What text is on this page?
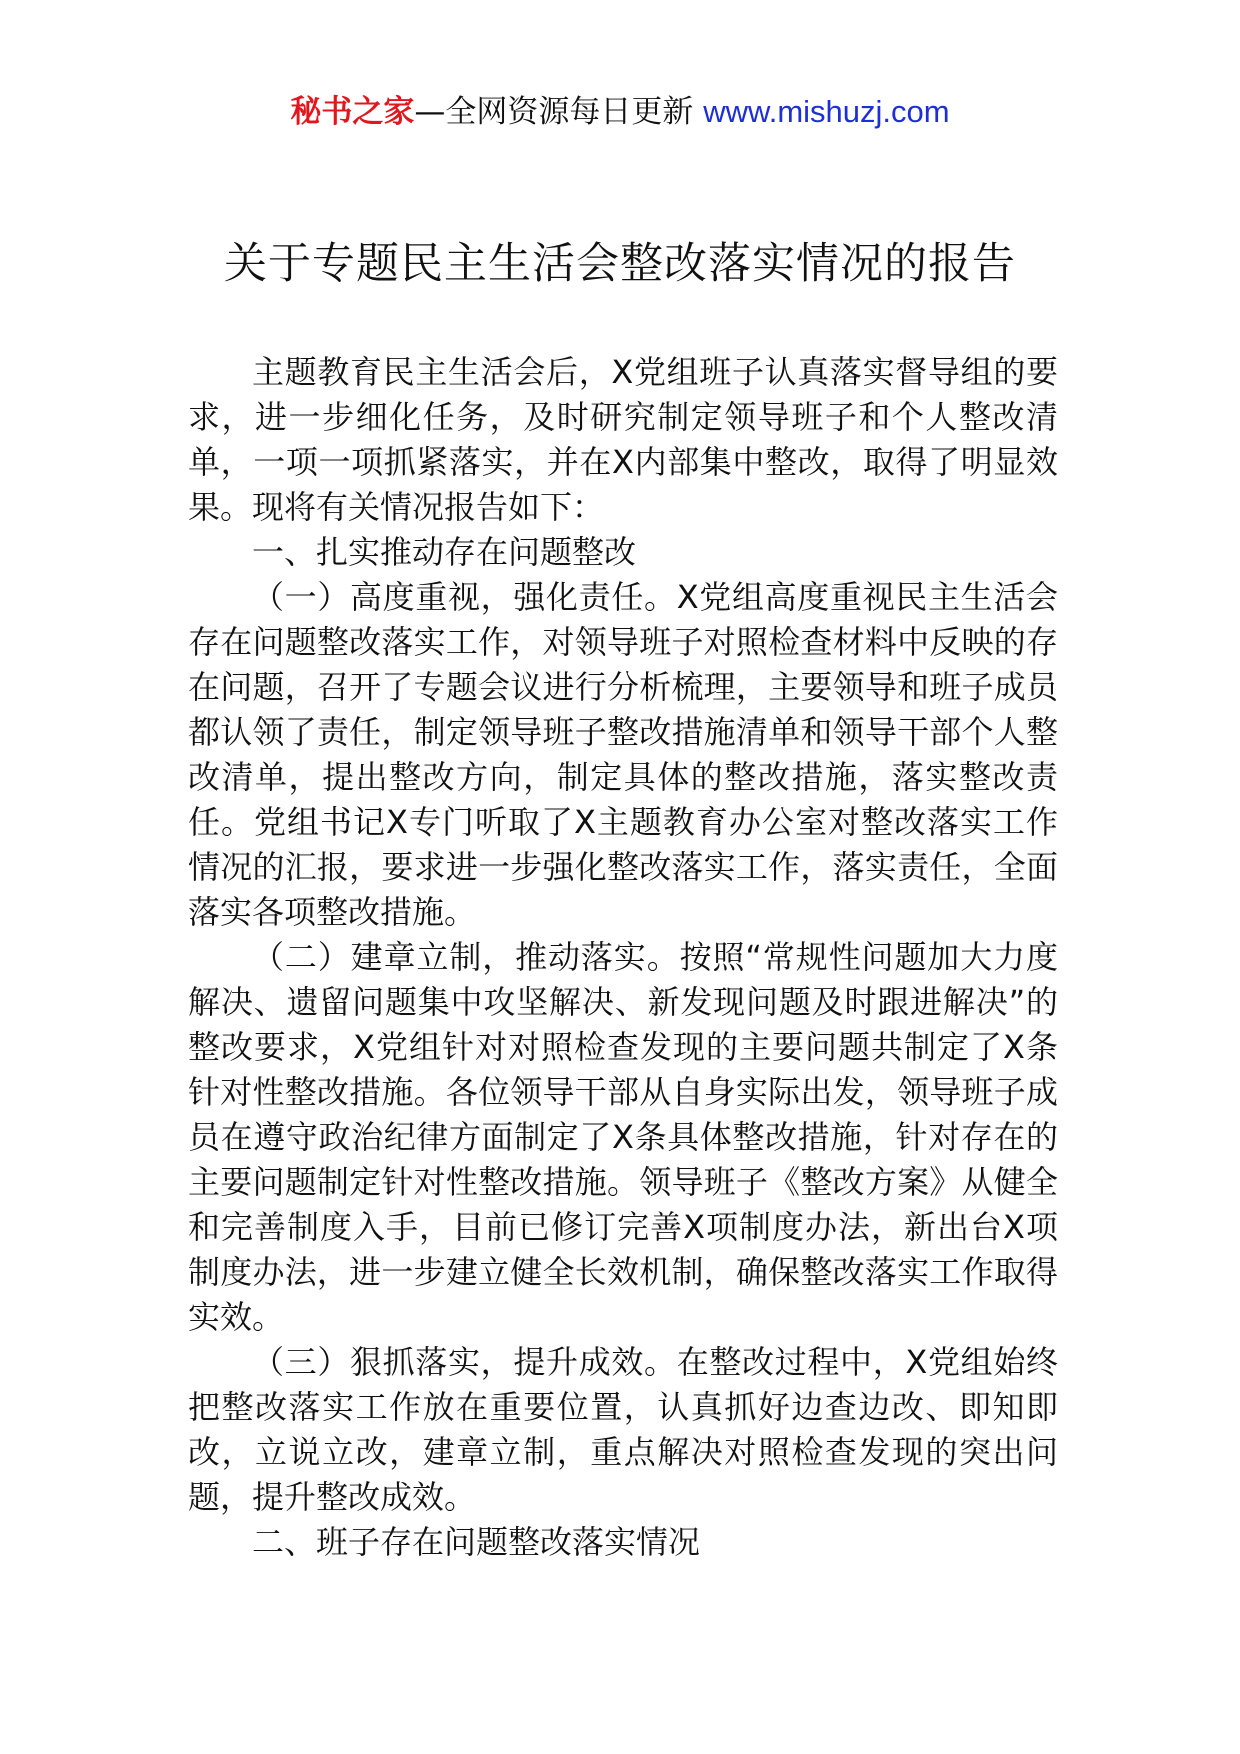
秘书之家—全网资源每日更新 www.mishuzj.com
关于专题民主生活会整改落实情况的报告

主题教育民主生活会后，X党组班子认真落实督导组的要求，进一步细化任务，及时研究制定领导班子和个人整改清单，一项一项抓紧落实，并在X内部集中整改，取得了明显效果。现将有关情况报告如下：

一、扎实推动存在问题整改

（一）高度重视，强化责任。X党组高度重视民主生活会存在问题整改落实工作，对领导班子对照检查材料中反映的存在问题，召开了专题会议进行分析梳理，主要领导和班子成员都认领了责任，制定领导班子整改措施清单和领导干部个人整改清单，提出整改方向，制定具体的整改措施，落实整改责任。党组书记X专门听取了X主题教育办公室对整改落实工作情况的汇报，要求进一步强化整改落实工作，落实责任，全面落实各项整改措施。

（二）建章立制，推动落实。按照“常规性问题加大力度解决、遗留问题集中攻坚解决、新发现问题及时跟进解决”的整改要求，X党组针对对照检查发现的主要问题共制定了X条针对性整改措施。各位领导干部从自身实际出发，领导班子成员在遵守政治纪律方面制定了X条具体整改措施，针对存在的主要问题制定针对性整改措施。领导班子《整改方案》从健全和完善制度入手，目前已修订完善X项制度办法，新出台X项制度办法，进一步建立健全长效机制，确保整改落实工作取得实效。

（三）狠抓落实，提升成效。在整改过程中，X党组始终把整改落实工作放在重要位置，认真抓好边查边改、即知即改，立说立改，建章立制，重点解决对照检查发现的突出问题，提升整改成效。

二、班子存在问题整改落实情况
